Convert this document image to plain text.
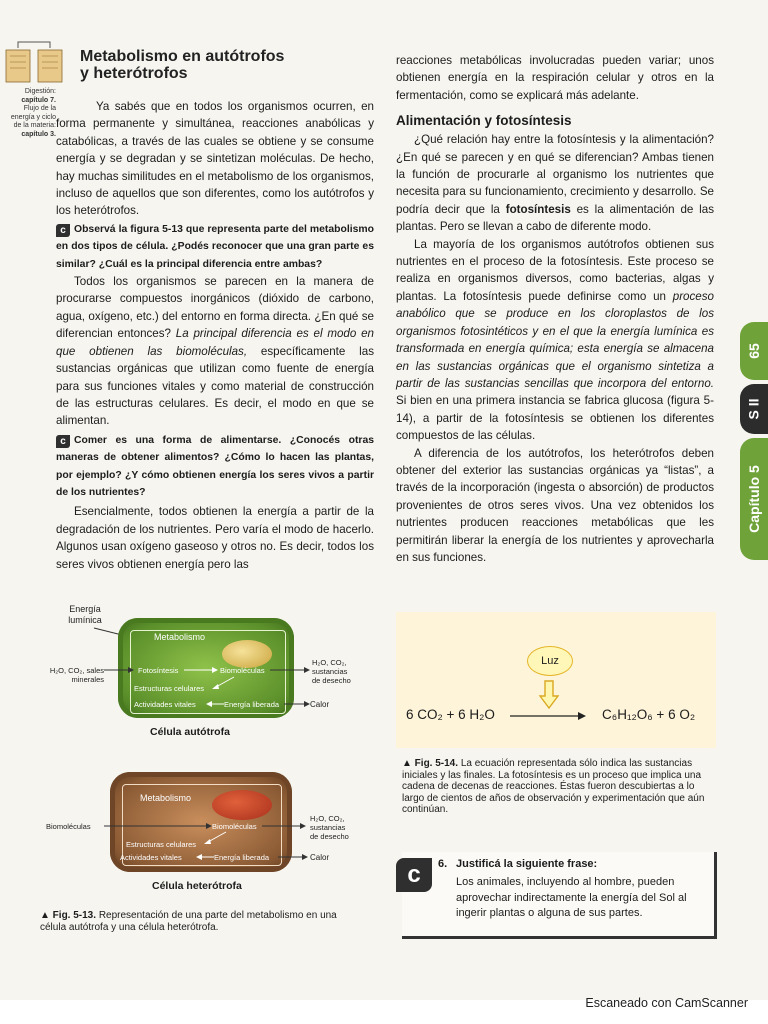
Metabolismo en autótrofos
y heterótrofos
Digestión:
capítulo 7.
Flujo de la
energía y ciclo
de la materia:
capítulo 3.

Ya sabés que en todos los organismos ocurren, en forma permanente y simultánea, reacciones anabólicas y catabólicas, a través de las cuales se obtiene y se consume energía y se degradan y se sintetizan moléculas. De hecho, hay muchas similitudes en el metabolismo de los organismos, incluso de aquellos que son diferentes, como los autótrofos y los heterótrofos.

c Observá la figura 5-13 que representa parte del metabolismo en dos tipos de célula. ¿Podés reconocer que una gran parte es similar? ¿Cuál es la principal diferencia entre ambas?

Todos los organismos se parecen en la manera de procurarse compuestos inorgánicos (dióxido de carbono, agua, oxígeno, etc.) del entorno en forma directa. ¿En qué se diferencian entonces? La principal diferencia es el modo en que obtienen las biomoléculas, específicamente las sustancias orgánicas que utilizan como fuente de energía para sus funciones vitales y como material de construcción de las estructuras celulares. Es decir, el modo en que se alimentan.

c Comer es una forma de alimentarse. ¿Conocés otras maneras de obtener alimentos? ¿Cómo lo hacen las plantas, por ejemplo? ¿Y cómo obtienen energía los seres vivos a partir de los nutrientes?

Esencialmente, todos obtienen la energía a partir de la degradación de los nutrientes. Pero varía el modo de hacerlo. Algunos usan oxígeno gaseoso y otros no. Es decir, todos los seres vivos obtienen energía pero las

reacciones metabólicas involucradas pueden variar; unos obtienen energía en la respiración celular y otros en la fermentación, como se explicará más adelante.

Alimentación y fotosíntesis

¿Qué relación hay entre la fotosíntesis y la alimentación? ¿En qué se parecen y en qué se diferencian? Ambas tienen la función de procurarle al organismo los nutrientes que necesita para su funcionamiento, crecimiento y desarrollo. Se podría decir que la fotosíntesis es la alimentación de las plantas. Pero se llevan a cabo de diferente modo.

La mayoría de los organismos autótrofos obtienen sus nutrientes en el proceso de la fotosíntesis. Este proceso se realiza en organismos diversos, como bacterias, algas y plantas. La fotosíntesis puede definirse como un proceso anabólico que se produce en los cloroplastos de los organismos fotosintéticos y en el que la energía lumínica es transformada en energía química; esta energía se almacena en las sustancias orgánicas que el organismo sintetiza a partir de las sustancias sencillas que incorpora del entorno. Si bien en una primera instancia se fabrica glucosa (figura 5-14), a partir de la fotosíntesis se obtienen los diferentes compuestos de las células.

A diferencia de los autótrofos, los heterótrofos deben obtener del exterior las sustancias orgánicas ya “listas”, a través de la incorporación (ingesta o absorción) de productos provenientes de otros seres vivos. Una vez obtenidos los nutrientes producen reacciones metabólicas que les permitirán liberar la energía de los nutrientes y aprovecharla en sus funciones.

65
S II
Capítulo 5
Energía
lumínica
Metabolismo
H₂O, CO₂, sales
minerales
Fotosíntesis	Biomoléculas
H₂O, CO₂,
sustancias
de desecho
Estructuras celulares
Actividades vitales	Energía liberada	Calor
Célula autótrofa
Metabolismo
Biomoléculas	Biomoléculas
H₂O, CO₂,
sustancias
de desecho
Estructuras celulares
Actividades vitales	Energía liberada	Calor
Célula heterótrofa
▲ Fig. 5-13. Representación de una parte del metabolismo en una célula autótrofa y una célula heterótrofa.
Luz
6 CO₂ + 6 H₂O	C₆H₁₂O₆ + 6 O₂
▲ Fig. 5-14. La ecuación representada sólo indica las sustancias iniciales y las finales. La fotosíntesis es un proceso que implica una cadena de decenas de reacciones. Éstas fueron descubiertas a lo largo de cientos de años de observación y experimentación que aún continúan.
c	6. Justificá la siguiente frase:
Los animales, incluyendo al hombre, pueden aprovechar indirectamente la energía del Sol al ingerir plantas o alguna de sus partes.
Escaneado con CamScanner
